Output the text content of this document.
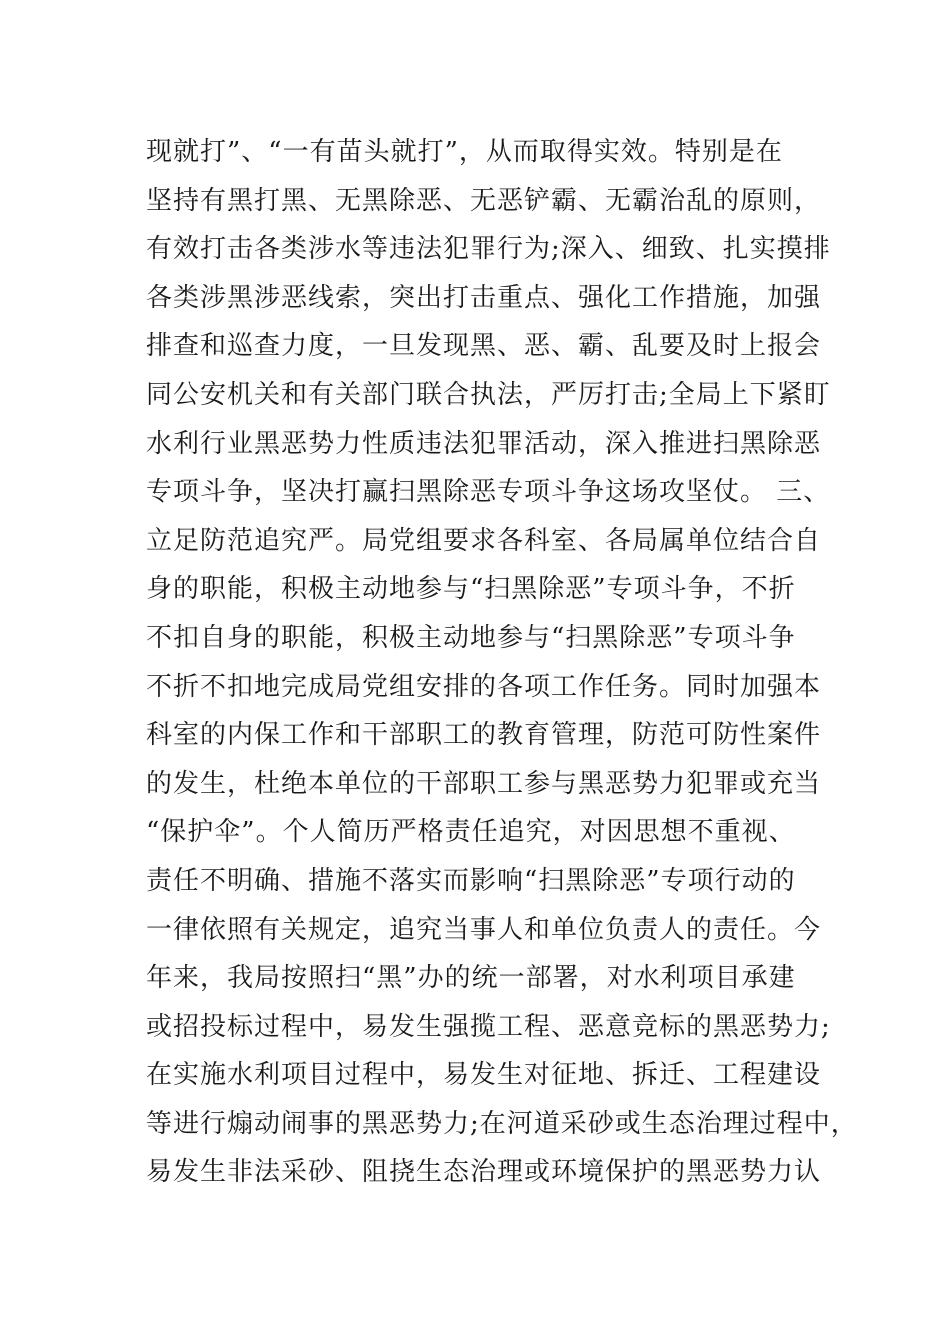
现就打”、“一有苗头就打”，从而取得实效。特别是在
坚持有黑打黑、无黑除恶、无恶铲霸、无霸治乱的原则，
有效打击各类涉水等违法犯罪行为;深入、细致、扎实摸排
各类涉黑涉恶线索，突出打击重点、强化工作措施，加强
排查和巡查力度，一旦发现黑、恶、霸、乱要及时上报会
同公安机关和有关部门联合执法，严厉打击;全局上下紧盯
水利行业黑恶势力性质违法犯罪活动，深入推进扫黑除恶
专项斗争，坚决打赢扫黑除恶专项斗争这场攻坚仗。 三、
立足防范追究严。局党组要求各科室、各局属单位结合自
身的职能，积极主动地参与“扫黑除恶”专项斗争，不折
不扣自身的职能，积极主动地参与“扫黑除恶”专项斗争
不折不扣地完成局党组安排的各项工作任务。同时加强本
科室的内保工作和干部职工的教育管理，防范可防性案件
的发生，杜绝本单位的干部职工参与黑恶势力犯罪或充当
“保护伞”。个人简历严格责任追究，对因思想不重视、
责任不明确、措施不落实而影响“扫黑除恶”专项行动的
一律依照有关规定，追究当事人和单位负责人的责任。今
年来，我局按照扫“黑”办的统一部署，对水利项目承建
或招投标过程中，易发生强揽工程、恶意竞标的黑恶势力;
在实施水利项目过程中，易发生对征地、拆迁、工程建设
等进行煽动闹事的黑恶势力;在河道采砂或生态治理过程中，
易发生非法采砂、阻挠生态治理或环境保护的黑恶势力认
